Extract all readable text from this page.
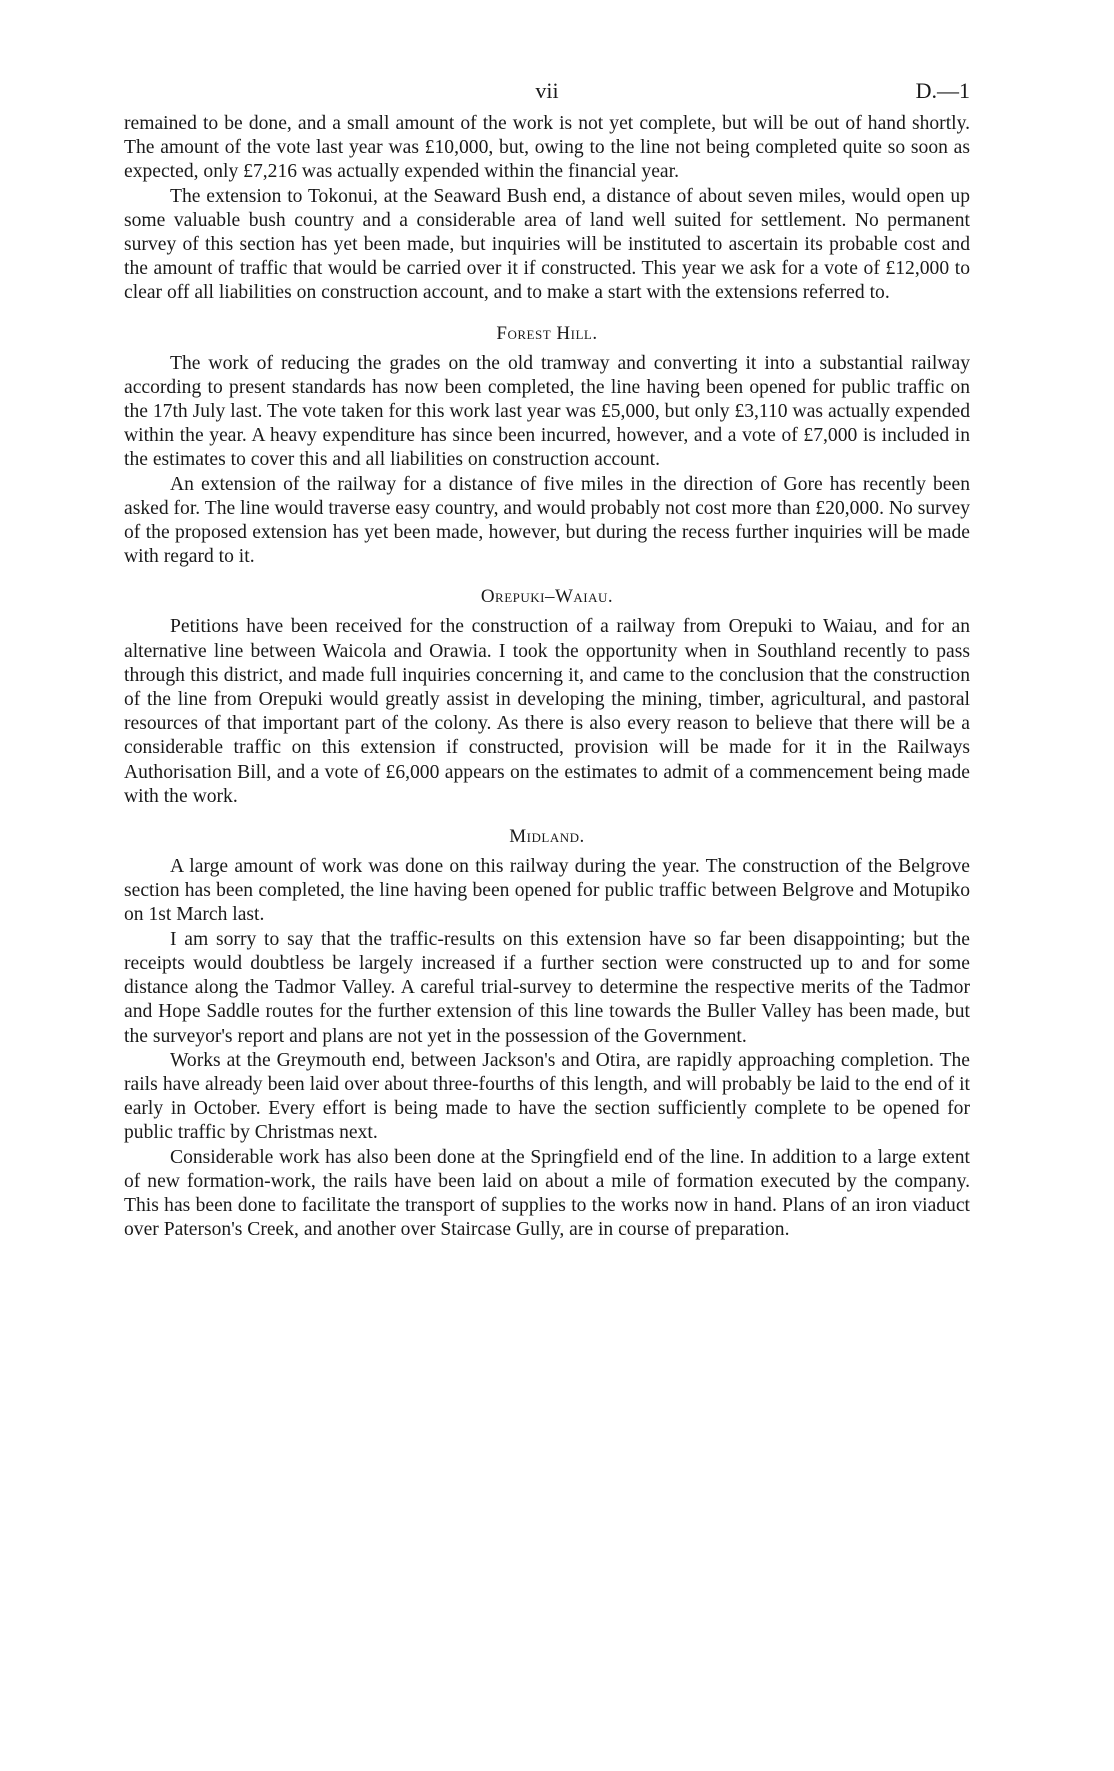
vii	D.—1

remained to be done, and a small amount of the work is not yet complete, but will be out of hand shortly. The amount of the vote last year was £10,000, but, owing to the line not being completed quite so soon as expected, only £7,216 was actually expended within the financial year.

The extension to Tokonui, at the Seaward Bush end, a distance of about seven miles, would open up some valuable bush country and a considerable area of land well suited for settlement. No permanent survey of this section has yet been made, but inquiries will be instituted to ascertain its probable cost and the amount of traffic that would be carried over it if constructed. This year we ask for a vote of £12,000 to clear off all liabilities on construction account, and to make a start with the extensions referred to.

Forest Hill.

The work of reducing the grades on the old tramway and converting it into a substantial railway according to present standards has now been completed, the line having been opened for public traffic on the 17th July last. The vote taken for this work last year was £5,000, but only £3,110 was actually expended within the year. A heavy expenditure has since been incurred, however, and a vote of £7,000 is included in the estimates to cover this and all liabilities on construction account.

An extension of the railway for a distance of five miles in the direction of Gore has recently been asked for. The line would traverse easy country, and would probably not cost more than £20,000. No survey of the proposed extension has yet been made, however, but during the recess further inquiries will be made with regard to it.

Orepuki–Waiau.

Petitions have been received for the construction of a railway from Orepuki to Waiau, and for an alternative line between Waicola and Orawia. I took the opportunity when in Southland recently to pass through this district, and made full inquiries concerning it, and came to the conclusion that the construction of the line from Orepuki would greatly assist in developing the mining, timber, agricultural, and pastoral resources of that important part of the colony. As there is also every reason to believe that there will be a considerable traffic on this extension if constructed, provision will be made for it in the Railways Authorisation Bill, and a vote of £6,000 appears on the estimates to admit of a commencement being made with the work.

Midland.

A large amount of work was done on this railway during the year. The construction of the Belgrove section has been completed, the line having been opened for public traffic between Belgrove and Motupiko on 1st March last.

I am sorry to say that the traffic-results on this extension have so far been disappointing; but the receipts would doubtless be largely increased if a further section were constructed up to and for some distance along the Tadmor Valley. A careful trial-survey to determine the respective merits of the Tadmor and Hope Saddle routes for the further extension of this line towards the Buller Valley has been made, but the surveyor's report and plans are not yet in the possession of the Government.

Works at the Greymouth end, between Jackson's and Otira, are rapidly approaching completion. The rails have already been laid over about three-fourths of this length, and will probably be laid to the end of it early in October. Every effort is being made to have the section sufficiently complete to be opened for public traffic by Christmas next.

Considerable work has also been done at the Springfield end of the line. In addition to a large extent of new formation-work, the rails have been laid on about a mile of formation executed by the company. This has been done to facilitate the transport of supplies to the works now in hand. Plans of an iron viaduct over Paterson's Creek, and another over Staircase Gully, are in course of preparation.
